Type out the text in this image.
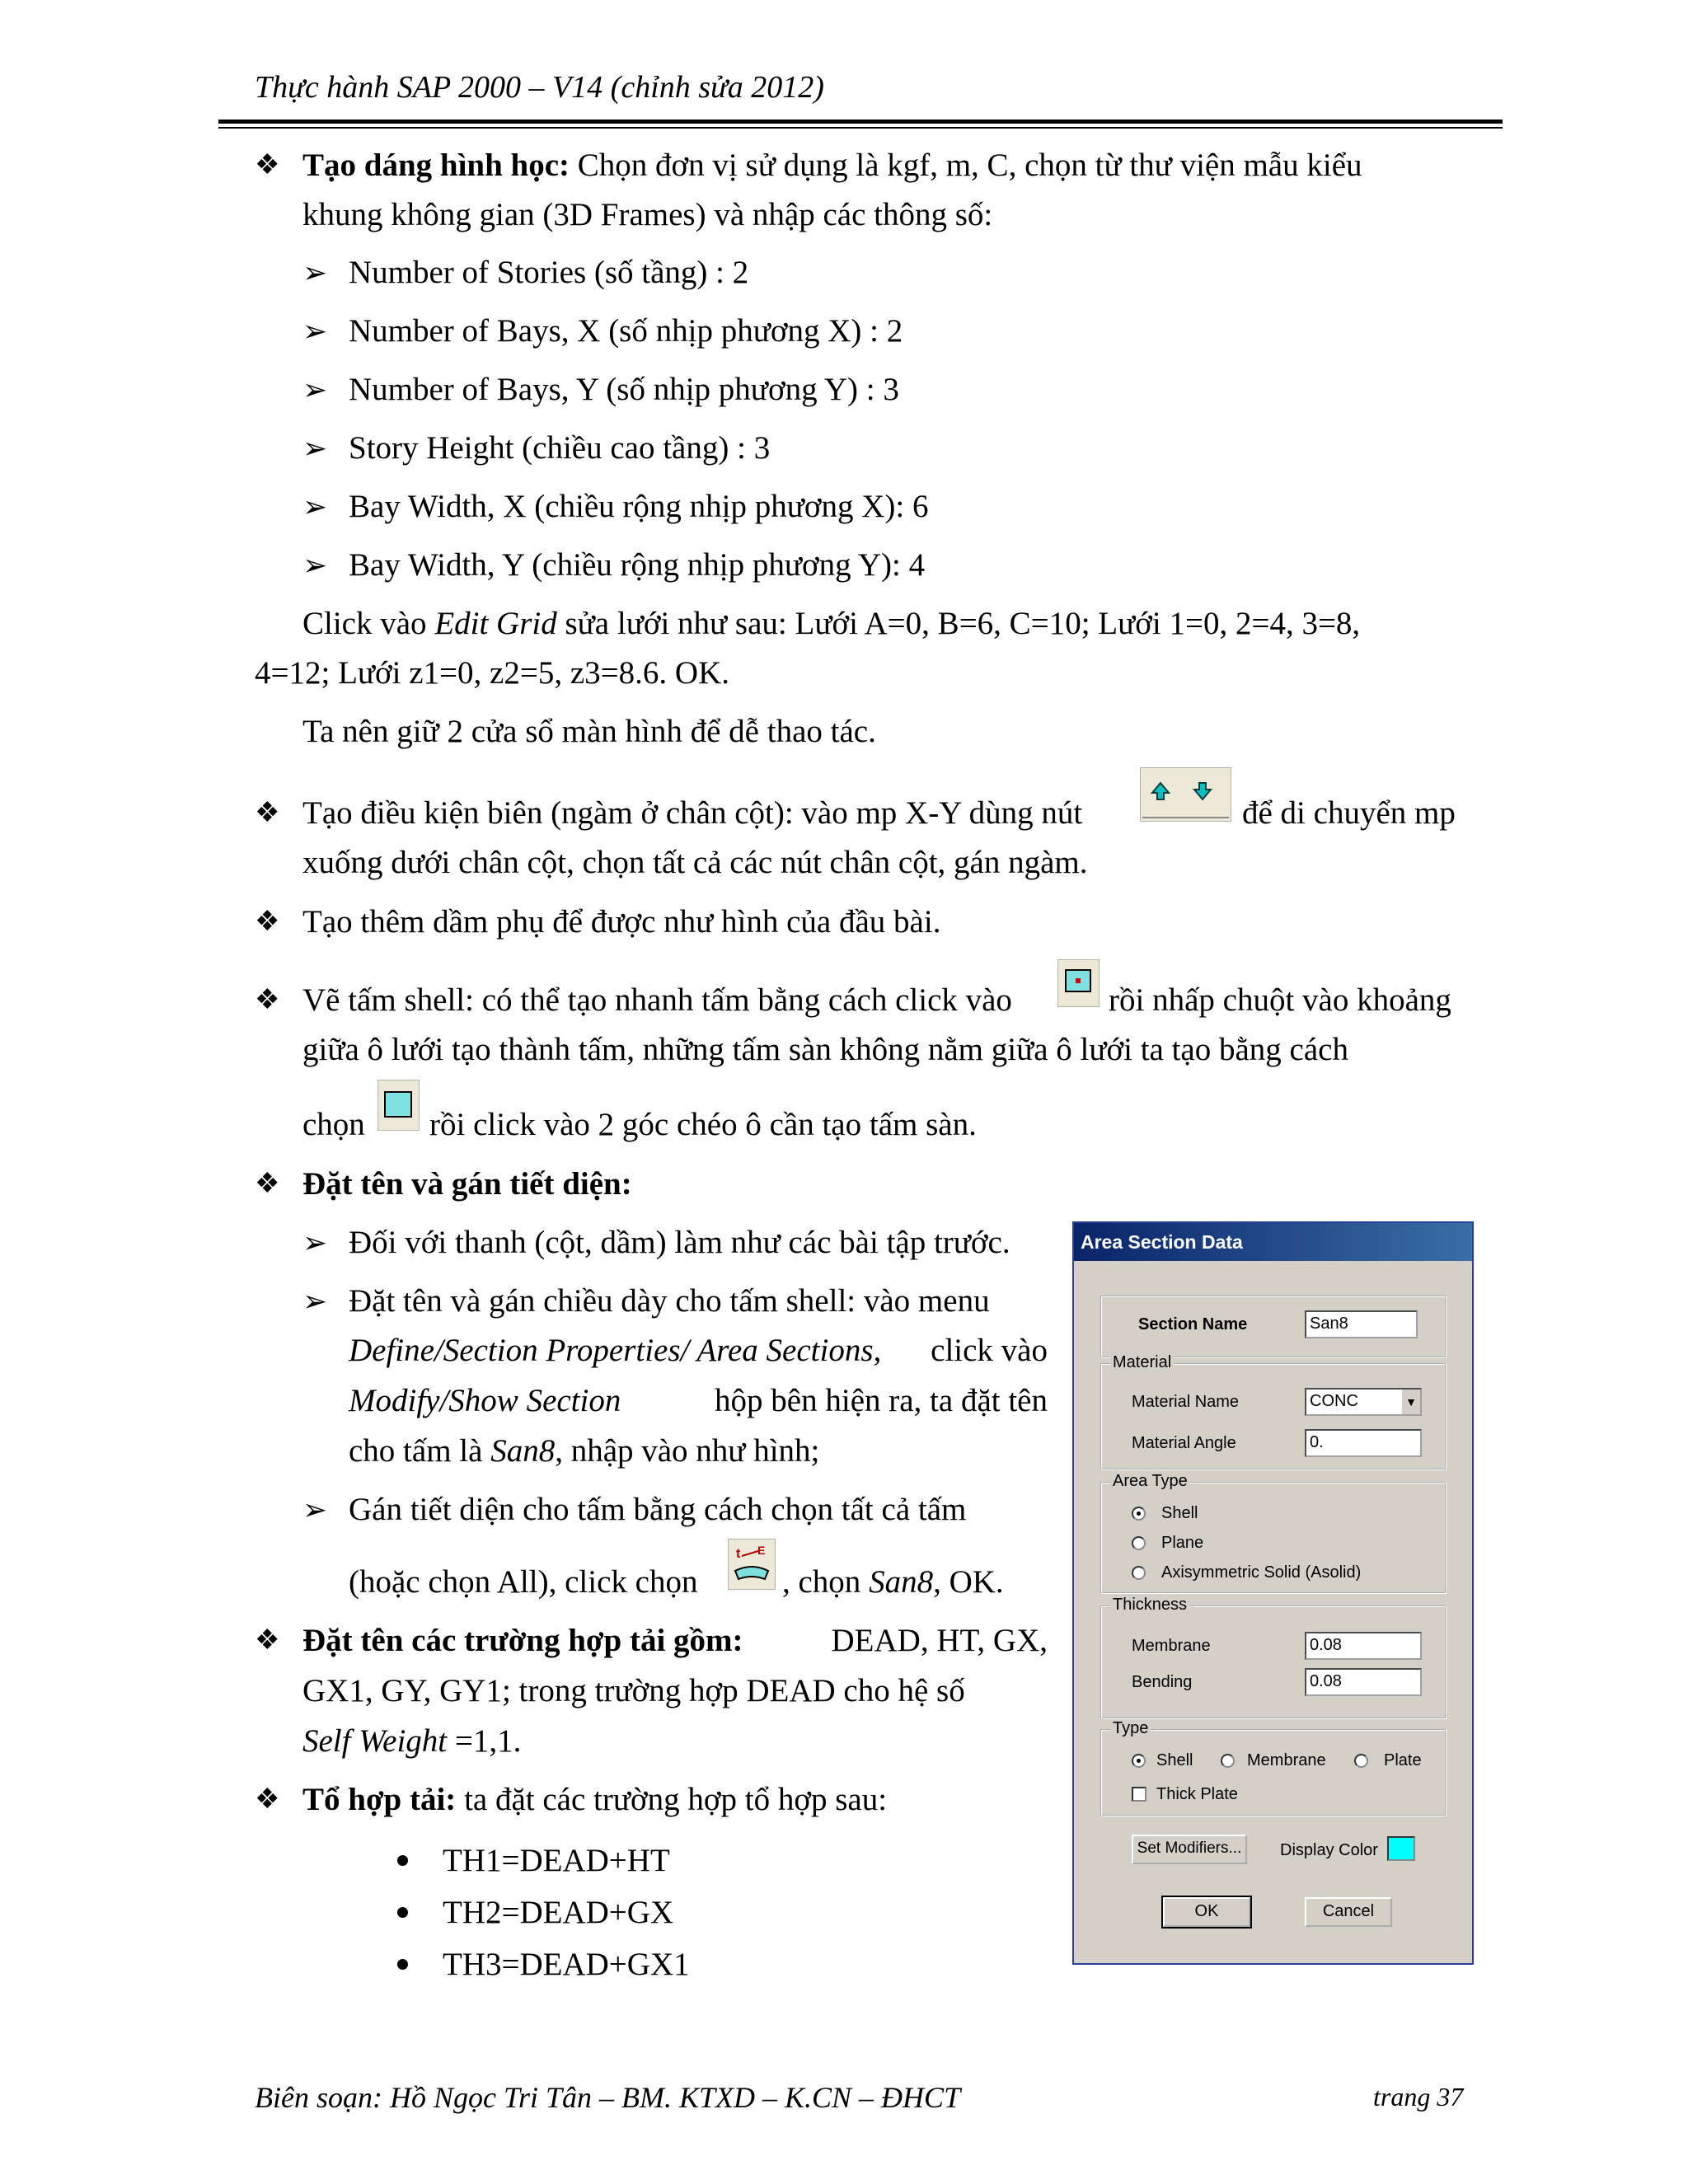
Thực hành SAP 2000 – V14 (chỉnh sửa 2012)
❖ Tạo dáng hình học: Chọn đơn vị sử dụng là kgf, m, C, chọn từ thư viện mẫu kiểu
khung không gian (3D Frames) và nhập các thông số:
➢ Number of Stories (số tầng) : 2
➢ Number of Bays, X (số nhịp phương X) : 2
➢ Number of Bays, Y (số nhịp phương Y) : 3
➢ Story Height (chiều cao tầng) : 3
➢ Bay Width, X (chiều rộng nhịp phương X): 6
➢ Bay Width, Y (chiều rộng nhịp phương Y): 4
Click vào Edit Grid sửa lưới như sau: Lưới A=0, B=6, C=10; Lưới 1=0, 2=4, 3=8,
4=12; Lưới z1=0, z2=5, z3=8.6. OK.
Ta nên giữ 2 cửa sổ màn hình để dễ thao tác.
❖ Tạo điều kiện biên (ngàm ở chân cột): vào mp X-Y dùng nút	để di chuyển mp
xuống dưới chân cột, chọn tất cả các nút chân cột, gán ngàm.
❖ Tạo thêm dầm phụ để được như hình của đầu bài.
❖ Vẽ tấm shell: có thể tạo nhanh tấm bằng cách click vào	rồi nhấp chuột vào khoảng
giữa ô lưới tạo thành tấm, những tấm sàn không nằm giữa ô lưới ta tạo bằng cách
chọn rồi click vào 2 góc chéo ô cần tạo tấm sàn.
❖ Đặt tên và gán tiết diện:
➢ Đối với thanh (cột, dầm) làm như các bài tập trước.
➢ Đặt tên và gán chiều dày cho tấm shell: vào menu
Define/Section Properties/ Area Sections, click vào
Modify/Show Section	hộp bên hiện ra, ta đặt tên
cho tấm là San8, nhập vào như hình;
➢ Gán tiết diện cho tấm bằng cách chọn tất cả tấm
(hoặc chọn All), click chọn
t E
, chọn San8, OK.
❖ Đặt tên các trường hợp tải gồm:	DEAD, HT, GX,
GX1, GY, GY1; trong trường hợp DEAD cho hệ số
Self Weight =1,1.
❖ Tổ hợp tải: ta đặt các trường hợp tổ hợp sau:
TH1=DEAD+HT
TH2=DEAD+GX
TH3=DEAD+GX1
Area Section Data
Section Name	San8
Material
Material Name	CONC	▼
Material Angle	0.
Area Type
Shell
Plane
Axisymmetric Solid (Asolid)
Thickness
Membrane	0.08
Bending	0.08
Type
Shell	Membrane	Plate
Thick Plate
Set Modifiers...	Display Color
OK	Cancel
Biên soạn: Hồ Ngọc Tri Tân – BM. KTXD – K.CN – ĐHCT	trang 37
